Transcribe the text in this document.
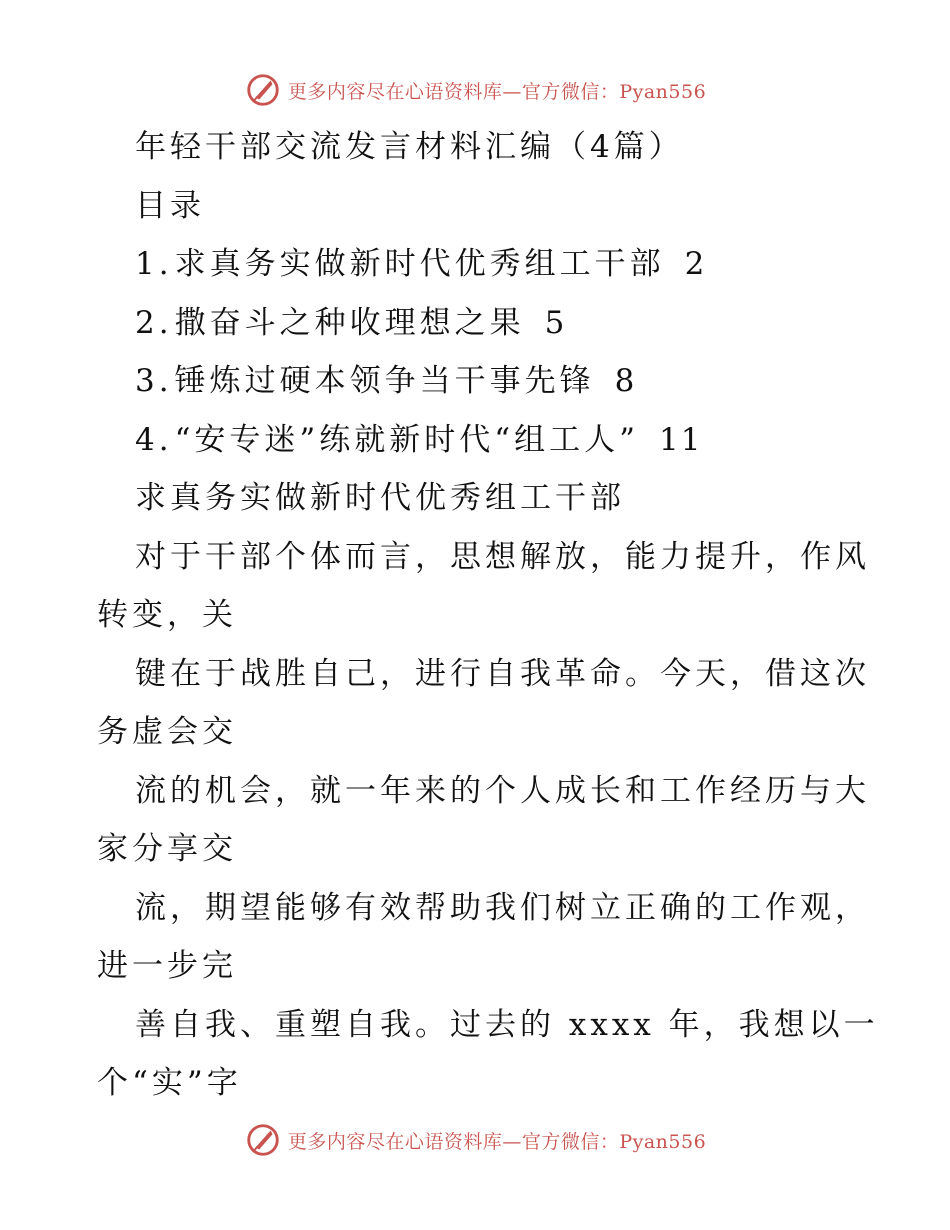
更多内容尽在心语资料库—官方微信：Pyan556
年轻干部交流发言材料汇编（4篇）
目录
1.求真务实做新时代优秀组工干部 2
2.撒奋斗之种收理想之果 5
3.锤炼过硬本领争当干事先锋 8
4.“安专迷”练就新时代“组工人” 11
求真务实做新时代优秀组工干部
对于干部个体而言，思想解放，能力提升，作风
转变，关
键在于战胜自己，进行自我革命。今天，借这次
务虚会交
流的机会，就一年来的个人成长和工作经历与大
家分享交
流，期望能够有效帮助我们树立正确的工作观，
进一步完
善自我、重塑自我。过去的 xxxx 年，我想以一
个“实”字
更多内容尽在心语资料库—官方微信：Pyan556
